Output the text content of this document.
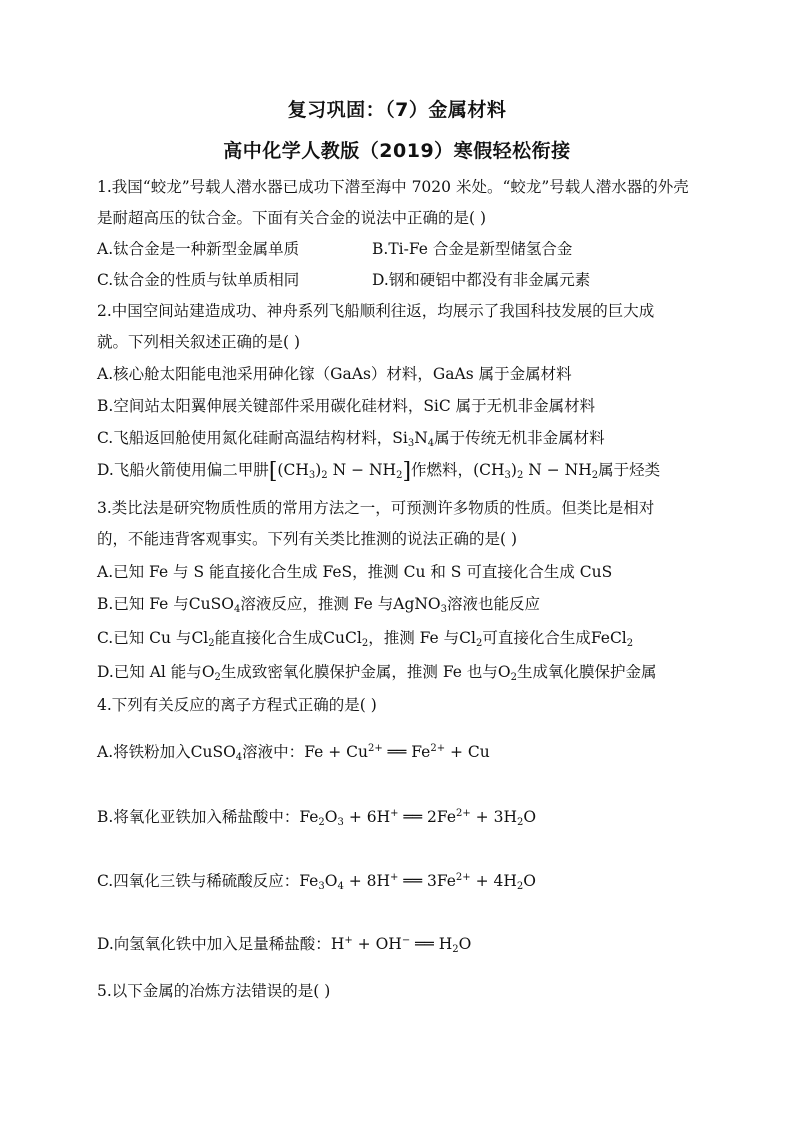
复习巩固：（7）金属材料
高中化学人教版（2019）寒假轻松衔接
1.我国“蛟龙”号载人潜水器已成功下潜至海中 7020 米处。“蛟龙”号载人潜水器的外壳
是耐超高压的钛合金。下面有关合金的说法中正确的是( )
A.钛合金是一种新型金属单质	B.Ti-Fe 合金是新型储氢合金
C.钛合金的性质与钛单质相同	D.钢和硬铝中都没有非金属元素
2.中国空间站建造成功、神舟系列飞船顺利往返，均展示了我国科技发展的巨大成
就。下列相关叙述正确的是( )
A.核心舱太阳能电池采用砷化镓（GaAs）材料，GaAs 属于金属材料
B.空间站太阳翼伸展关键部件采用碳化硅材料，SiC 属于无机非金属材料
C.飞船返回舱使用氮化硅耐高温结构材料，$Si_3N_4$属于传统无机非金属材料
D.飞船火箭使用偏二甲肼[$(CH_3)_2$ $N - NH_2$]作燃料，$(CH_3)_2$ $N - NH_2$属于烃类
3.类比法是研究物质性质的常用方法之一，可预测许多物质的性质。但类比是相对
的，不能违背客观事实。下列有关类比推测的说法正确的是( )
A.已知 Fe 与 S 能直接化合生成 FeS，推测 Cu 和 S 可直接化合生成 CuS
B.已知 Fe 与CuSO$_4$溶液反应，推测 Fe 与AgNO$_3$溶液也能反应
C.已知 Cu 与$Cl_2$能直接化合生成CuCl$_2$，推测 Fe 与$Cl_2$可直接化合生成FeCl$_2$
D.已知 Al 能与$O_2$生成致密氧化膜保护金属，推测 Fe 也与$O_2$生成氧化膜保护金属
4.下列有关反应的离子方程式正确的是( )
A.将铁粉加入CuSO$_4$溶液中：$Fe + Cu^{2+}$ ══ $Fe^{2+} + Cu$
B.将氧化亚铁加入稀盐酸中：$Fe_2O_3 + 6H^+$ ══ $2Fe^{2+} + 3H_2O$
C.四氧化三铁与稀硫酸反应：$Fe_3O_4 + 8H^+$ ══ $3Fe^{2+} + 4H_2O$
D.向氢氧化铁中加入足量稀盐酸：H+ + OH− ══ $H_2O$
5.以下金属的冶炼方法错误的是( )
